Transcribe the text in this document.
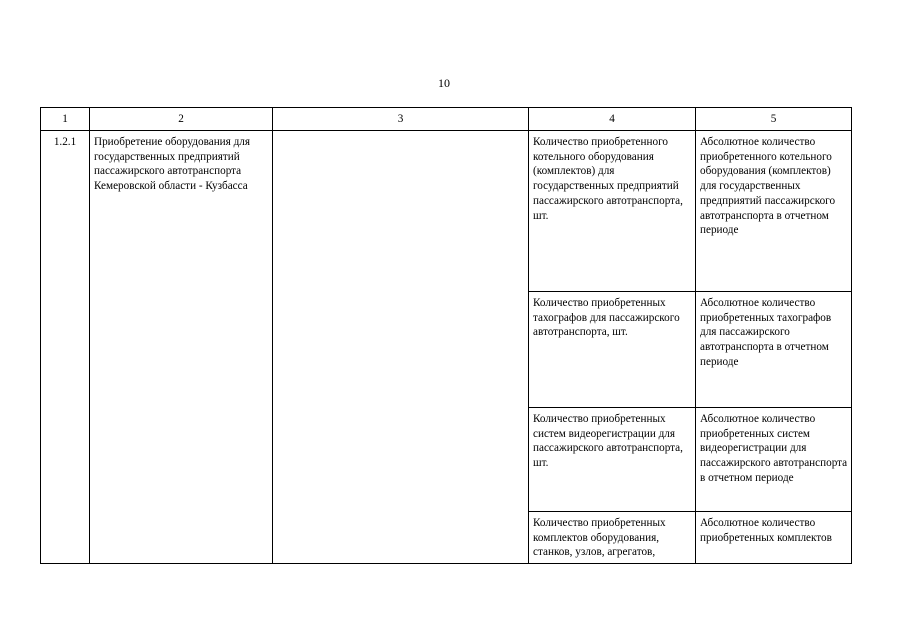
10
1	2	3	4	5
1.2.1	Приобретение оборудования для государственных предприятий пассажирского автотранспорта Кемеровской области - Кузбасса		Количество приобретенного котельного оборудования (комплектов) для государственных предприятий пассажирского автотранспорта, шт.	Абсолютное количество приобретенного котельного оборудования (комплектов) для государственных предприятий пассажирского автотранспорта в отчетном периоде
			Количество приобретенных тахографов для пассажирского автотранспорта, шт.	Абсолютное количество приобретенных тахографов для пассажирского автотранспорта в отчетном периоде
			Количество приобретенных систем видеорегистрации для пассажирского автотранспорта, шт.	Абсолютное количество приобретенных систем видеорегистрации для пассажирского автотранспорта в отчетном периоде

			Количество приобретенных комплектов оборудования, станков, узлов, агрегатов,	Абсолютное количество приобретенных комплектов
